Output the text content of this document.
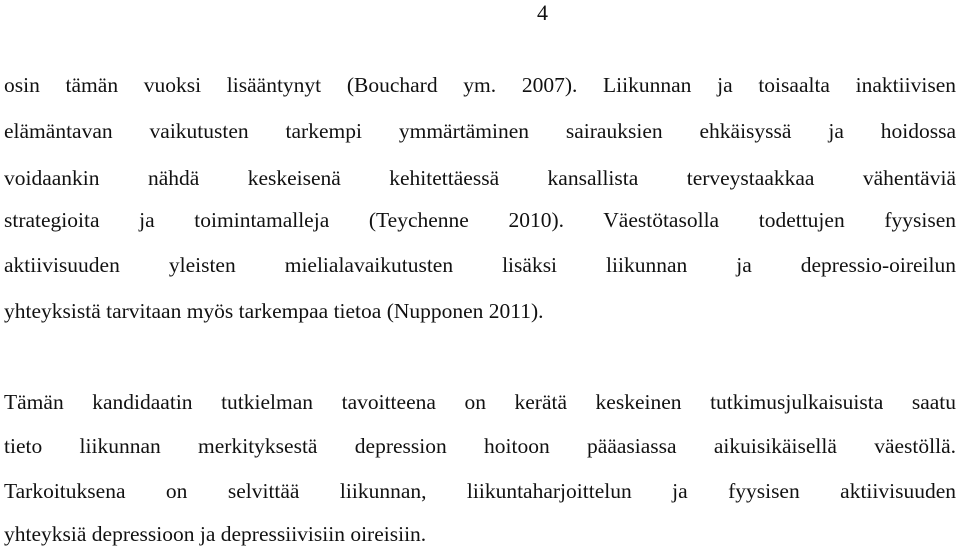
4
osin tämän vuoksi lisääntynyt (Bouchard ym. 2007). Liikunnan ja toisaalta inaktiivisen
elämäntavan vaikutusten tarkempi ymmärtäminen sairauksien ehkäisyssä ja hoidossa
voidaankin nähdä keskeisenä kehitettäessä kansallista terveystaakkaa vähentäviä
strategioita ja toimintamalleja (Teychenne 2010). Väestötasolla todettujen fyysisen
aktiivisuuden yleisten mielialavaikutusten lisäksi liikunnan ja depressio-oireilun
yhteyksistä tarvitaan myös tarkempaa tietoa (Nupponen 2011).
Tämän kandidaatin tutkielman tavoitteena on kerätä keskeinen tutkimusjulkaisuista saatu
tieto liikunnan merkityksestä depression hoitoon pääasiassa aikuisikäisellä väestöllä.
Tarkoituksena on selvittää liikunnan, liikuntaharjoittelun ja fyysisen aktiivisuuden
yhteyksiä depressioon ja depressiivisiin oireisiin.
